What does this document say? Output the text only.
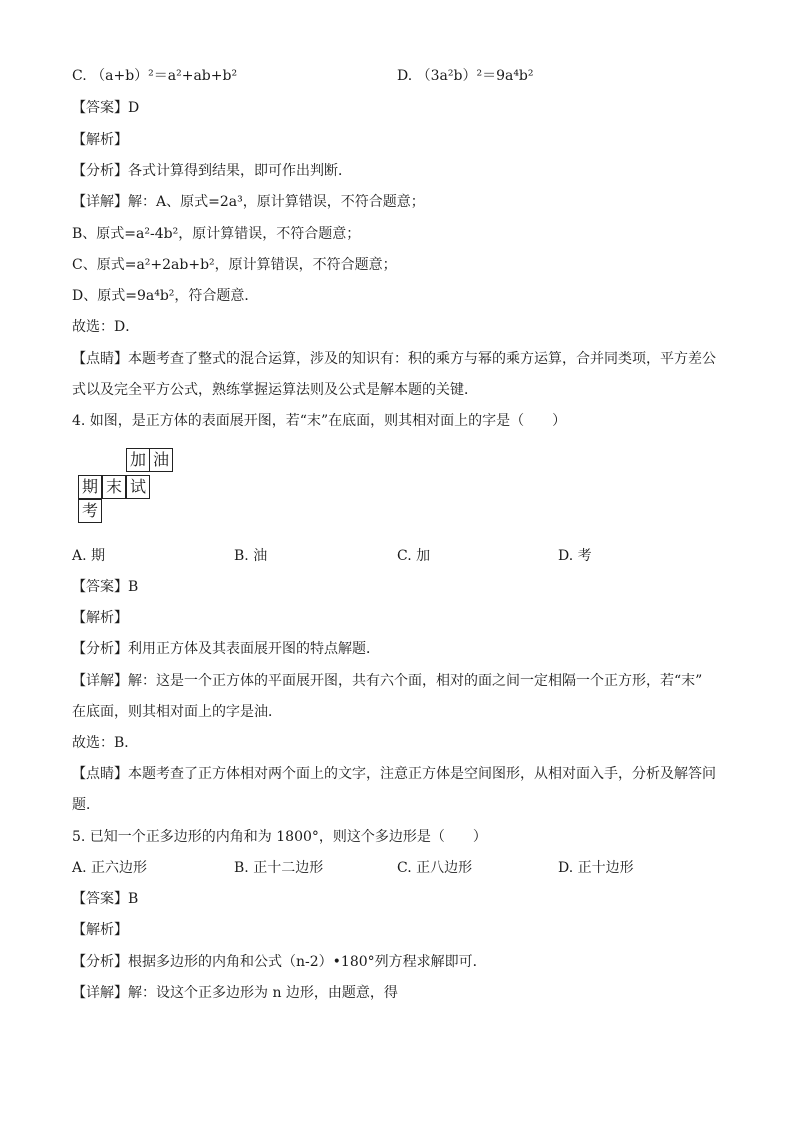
C. （a+b）²＝a²+ab+b²	D. （3a²b）²＝9a⁴b²
【答案】D
【解析】
【分析】各式计算得到结果，即可作出判断．
【详解】解：A、原式=2a³，原计算错误，不符合题意；
B、原式=a²-4b²，原计算错误，不符合题意；
C、原式=a²+2ab+b²，原计算错误，不符合题意；
D、原式=9a⁴b²，符合题意．
故选：D．
【点睛】本题考查了整式的混合运算，涉及的知识有：积的乘方与幂的乘方运算，合并同类项，平方差公
式以及完全平方公式，熟练掌握运算法则及公式是解本题的关键．
4. 如图，是正方体的表面展开图，若“末”在底面，则其相对面上的字是（　　）
加 油
期 末 试
考
A. 期	B. 油	C. 加	D. 考
【答案】B
【解析】
【分析】利用正方体及其表面展开图的特点解题．
【详解】解：这是一个正方体的平面展开图，共有六个面，相对的面之间一定相隔一个正方形，若“末”
在底面，则其相对面上的字是油．
故选：B．
【点睛】本题考查了正方体相对两个面上的文字，注意正方体是空间图形，从相对面入手，分析及解答问
题．
5. 已知一个正多边形的内角和为 1800°，则这个多边形是（　　）
A. 正六边形	B. 正十二边形	C. 正八边形	D. 正十边形
【答案】B
【解析】
【分析】根据多边形的内角和公式（n-2）•180°列方程求解即可．
【详解】解：设这个正多边形为 n 边形，由题意，得
